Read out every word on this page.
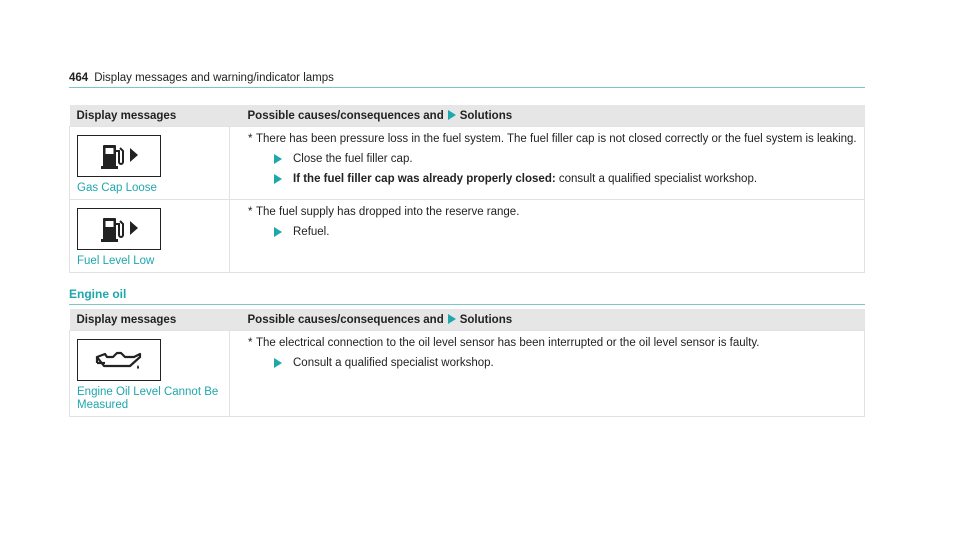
464 Display messages and warning/indicator lamps
Display messages	Possible causes/consequences and Solutions

Gas Cap Loose	* There has been pressure loss in the fuel system. The fuel filler cap is not closed correctly or the fuel system is leaking.
Close the fuel filler cap.
If the fuel filler cap was already properly closed: consult a qualified specialist workshop.

Fuel Level Low	* The fuel supply has dropped into the reserve range.
Refuel.
Engine oil
Display messages	Possible causes/consequences and Solutions

Engine Oil Level Cannot Be Measured	* The electrical connection to the oil level sensor has been interrupted or the oil level sensor is faulty.
Consult a qualified specialist workshop.
